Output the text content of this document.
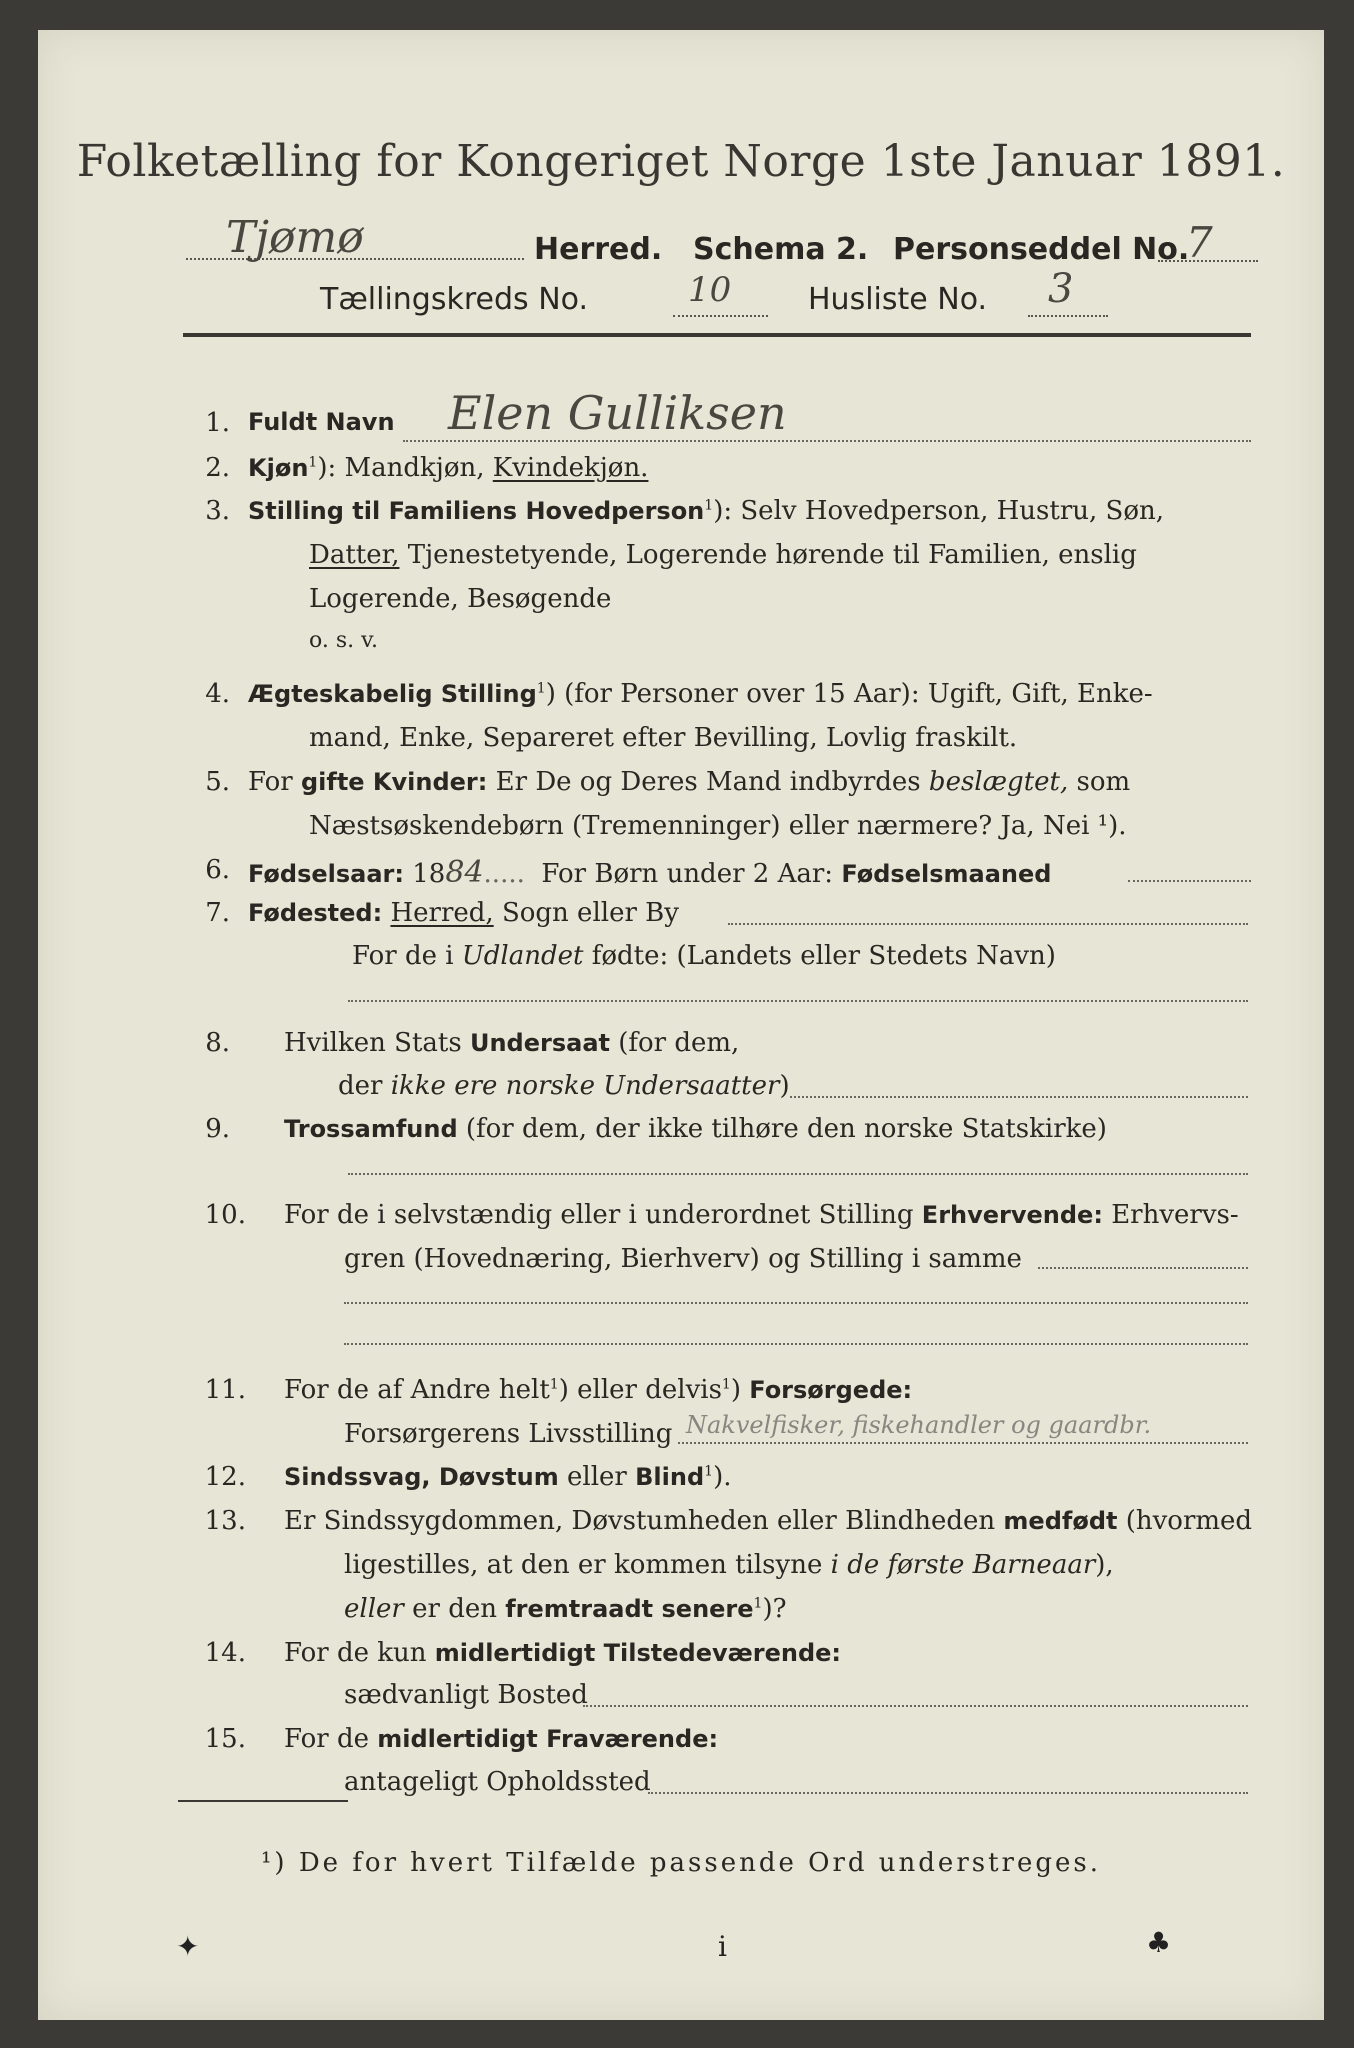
Folketælling for Kongeriget Norge 1ste Januar 1891.
Tjømø	Herred. Schema 2. Personseddel No.
7
Tællingskreds No.	10	Husliste No. 3
1. Fuldt Navn Elen Gulliksen
2. Kjøn$^1$): Mandkjøn, Kvindekjøn.
3. Stilling til Familiens Hovedperson$^1$): Selv Hovedperson, Hustru, Søn,
Datter, Tjenestetyende, Logerende hørende til Familien, enslig
Logerende, Besøgende
o. s. v.
4. Ægteskabelig Stilling$^1$) (for Personer over 15 Aar): Ugift, Gift, Enke-
mand, Enke, Separeret efter Bevilling, Lovlig fraskilt.
5. For gifte Kvinder: Er De og Deres Mand indbyrdes beslægtet, som
Næstsøskendebørn (Tremenninger) eller nærmere? Ja, Nei ¹).
6. Fødselsaar: 1884..... For Børn under 2 Aar: Fødselsmaaned
7. Fødested: Herred, Sogn eller By
For de i Udlandet fødte: (Landets eller Stedets Navn)
8. Hvilken Stats Undersaat (for dem,
der ikke ere norske Undersaatter)
9. Trossamfund (for dem, der ikke tilhøre den norske Statskirke)
10. For de i selvstændig eller i underordnet Stilling Erhvervende: Erhvervs-
gren (Hovednæring, Bierhverv) og Stilling i samme
11. For de af Andre helt$^1$) eller delvis$^1$) Forsørgede:
Forsørgerens Livsstilling Nakvelfisker, fiskehandler og gaardbr.
12. Sindssvag, Døvstum eller Blind$^1$).
13. Er Sindssygdommen, Døvstumheden eller Blindheden medfødt (hvormed
ligestilles, at den er kommen tilsyne i de første Barneaar),
eller er den fremtraadt senere$^1$)?
14. For de kun midlertidigt Tilstedeværende:
sædvanligt Bosted
15. For de midlertidigt Fraværende:
antageligt Opholdssted
¹) De for hvert Tilfælde passende Ord understreges.
✦	ⅰ	♣
